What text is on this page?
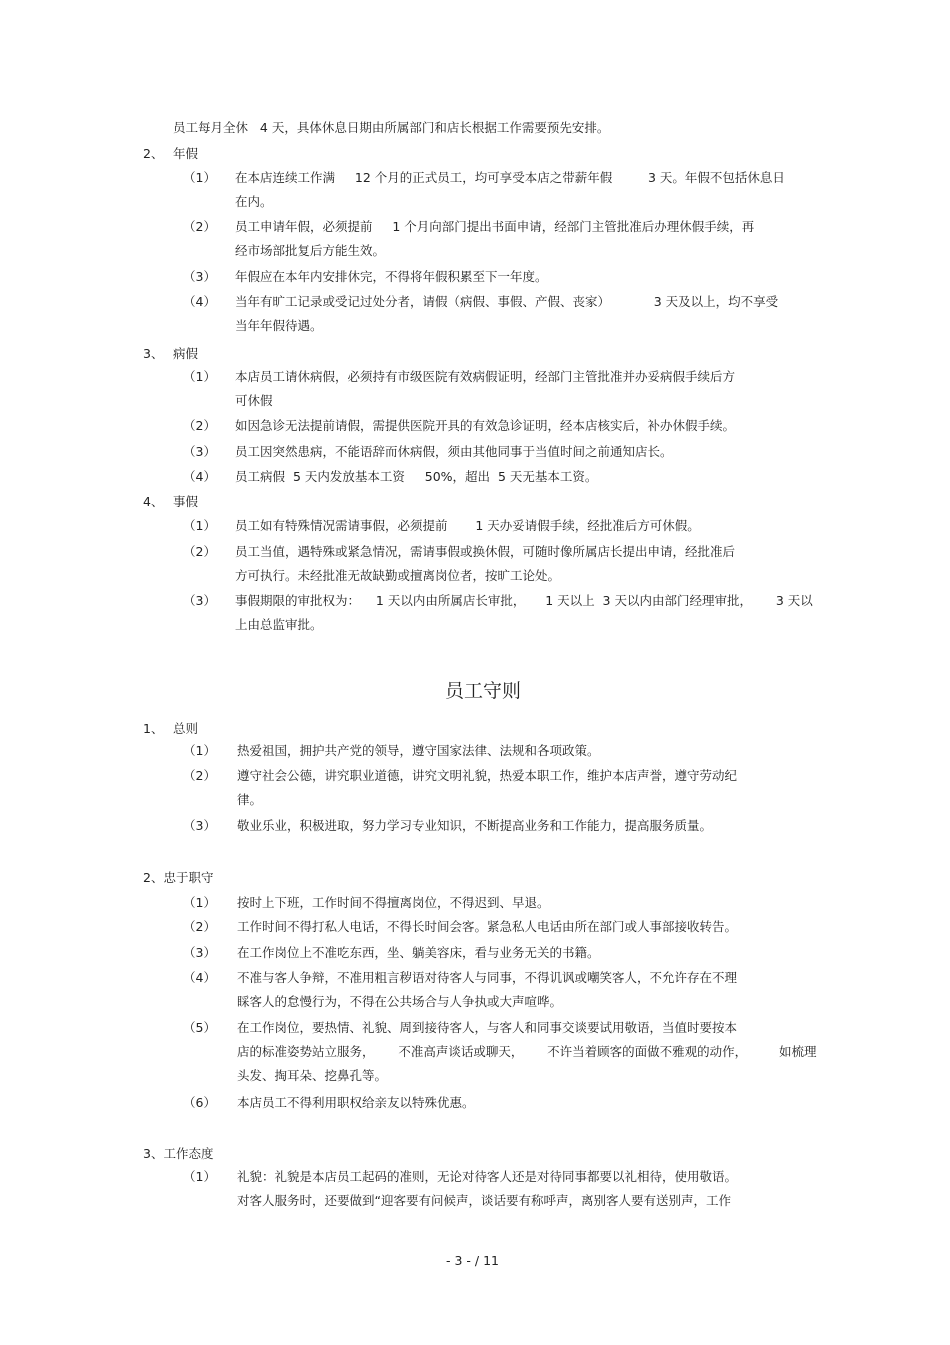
员工每月全休   4 天，具体休息日期由所属部门和店长根据工作需要预先安排。
2、 年假
（1） 在本店连续工作满     12 个月的正式员工，均可享受本店之带薪年假         3 天。年假不包括休息日
在内。
（2） 员工申请年假，必须提前     1 个月向部门提出书面申请，经部门主管批准后办理休假手续，再
经市场部批复后方能生效。
（3） 年假应在本年内安排休完，不得将年假积累至下一年度。
（4） 当年有旷工记录或受记过处分者，请假（病假、事假、产假、丧家）           3 天及以上，均不享受
当年年假待遇。
3、 病假
（1） 本店员工请休病假，必须持有市级医院有效病假证明，经部门主管批准并办妥病假手续后方
可休假
（2） 如因急诊无法提前请假，需提供医院开具的有效急诊证明，经本店核实后，补办休假手续。
（3） 员工因突然患病，不能语辞而休病假，须由其他同事于当值时间之前通知店长。
（4） 员工病假  5 天内发放基本工资     50%，超出  5 天无基本工资。
4、 事假
（1） 员工如有特殊情况需请事假，必须提前       1 天办妥请假手续，经批准后方可休假。
（2） 员工当值，遇特殊或紧急情况，需请事假或换休假，可随时像所属店长提出申请，经批准后
方可执行。未经批准无故缺勤或擅离岗位者，按旷工论处。
（3） 事假期限的审批权为：    1 天以内由所属店长审批，     1 天以上  3 天以内由部门经理审批，      3 天以
上由总监审批。
员工守则
1、 总则
（1） 热爱祖国，拥护共产党的领导，遵守国家法律、法规和各项政策。
（2） 遵守社会公德，讲究职业道德，讲究文明礼貌，热爱本职工作，维护本店声誉，遵守劳动纪
律。
（3） 敬业乐业，积极进取，努力学习专业知识，不断提高业务和工作能力，提高服务质量。
2、忠于职守
（1） 按时上下班，工作时间不得擅离岗位，不得迟到、早退。
（2） 工作时间不得打私人电话，不得长时间会客。紧急私人电话由所在部门或人事部接收转告。
（3） 在工作岗位上不准吃东西，坐、躺美容床，看与业务无关的书籍。
（4） 不准与客人争辩，不准用粗言秽语对待客人与同事，不得讥讽或嘲笑客人，不允许存在不理
睬客人的怠慢行为，不得在公共场合与人争执或大声喧哗。
（5） 在工作岗位，要热情、礼貌、周到接待客人，与客人和同事交谈要试用敬语，当值时要按本
店的标准姿势站立服务，      不准高声谈话或聊天，      不许当着顾客的面做不雅观的动作，        如梳理
头发、掏耳朵、挖鼻孔等。
（6） 本店员工不得利用职权给亲友以特殊优惠。
3、工作态度
（1） 礼貌：礼貌是本店员工起码的准则，无论对待客人还是对待同事都要以礼相待，使用敬语。
对客人服务时，还要做到“迎客要有问候声，谈话要有称呼声，离别客人要有送别声，工作
- 3 - / 11
